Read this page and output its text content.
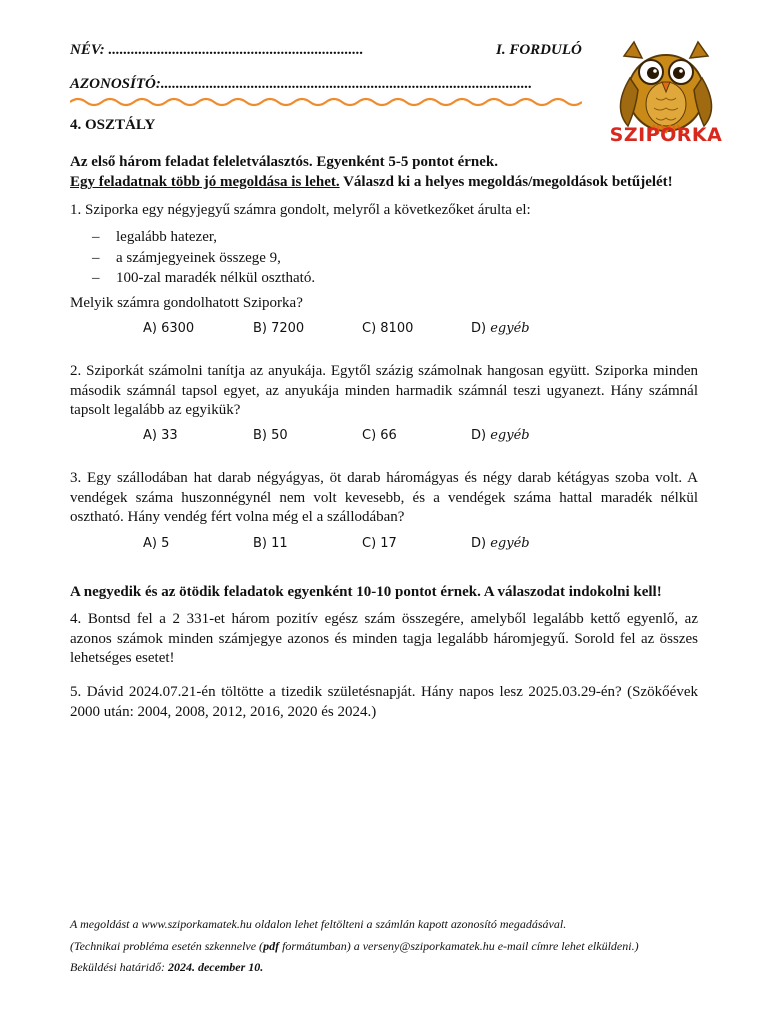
NÉV: ....................................................................	I. FORDULÓ
AZONOSÍTÓ:...................................................................................................
4. OSZTÁLY	SZIPORKA
Az első három feladat feleletválasztós. Egyenként 5-5 pontot érnek.
Egy feladatnak több jó megoldása is lehet. Válaszd ki a helyes megoldás/megoldások betűjelét!
1. Sziporka egy négyjegyű számra gondolt, melyről a következőket árulta el:
–	legalább hatezer,
–	a számjegyeinek összege 9,
–	100-zal maradék nélkül osztható.
Melyik számra gondolhatott Sziporka?
A) 6300	B) 7200	C) 8100	D) egyéb
2. Sziporkát számolni tanítja az anyukája. Egytől százig számolnak hangosan együtt. Sziporka minden második számnál tapsol egyet, az anyukája minden harmadik számnál teszi ugyanezt. Hány számnál tapsolt legalább az egyikük?
A) 33	B) 50	C) 66	D) egyéb
3. Egy szállodában hat darab négyágyas, öt darab háromágyas és négy darab kétágyas szoba volt. A vendégek száma huszonnégynél nem volt kevesebb, és a vendégek száma hattal maradék nélkül osztható. Hány vendég fért volna még el a szállodában?
A) 5	B) 11	C) 17	D) egyéb
A negyedik és az ötödik feladatok egyenként 10-10 pontot érnek. A válaszodat indokolni kell!
4. Bontsd fel a 2 331-et három pozitív egész szám összegére, amelyből legalább kettő egyenlő, az azonos számok minden számjegye azonos és minden tagja legalább háromjegyű. Sorold fel az összes lehetséges esetet!
5. Dávid 2024.07.21-én töltötte a tizedik születésnapját. Hány napos lesz 2025.03.29-én? (Szökőévek 2000 után: 2004, 2008, 2012, 2016, 2020 és 2024.)
A megoldást a www.sziporkamatek.hu oldalon lehet feltölteni a számlán kapott azonosító megadásával.
(Technikai probléma esetén szkennelve (pdf formátumban) a verseny@sziporkamatek.hu e-mail címre lehet elküldeni.)
Beküldési határidő: 2024. december 10.
